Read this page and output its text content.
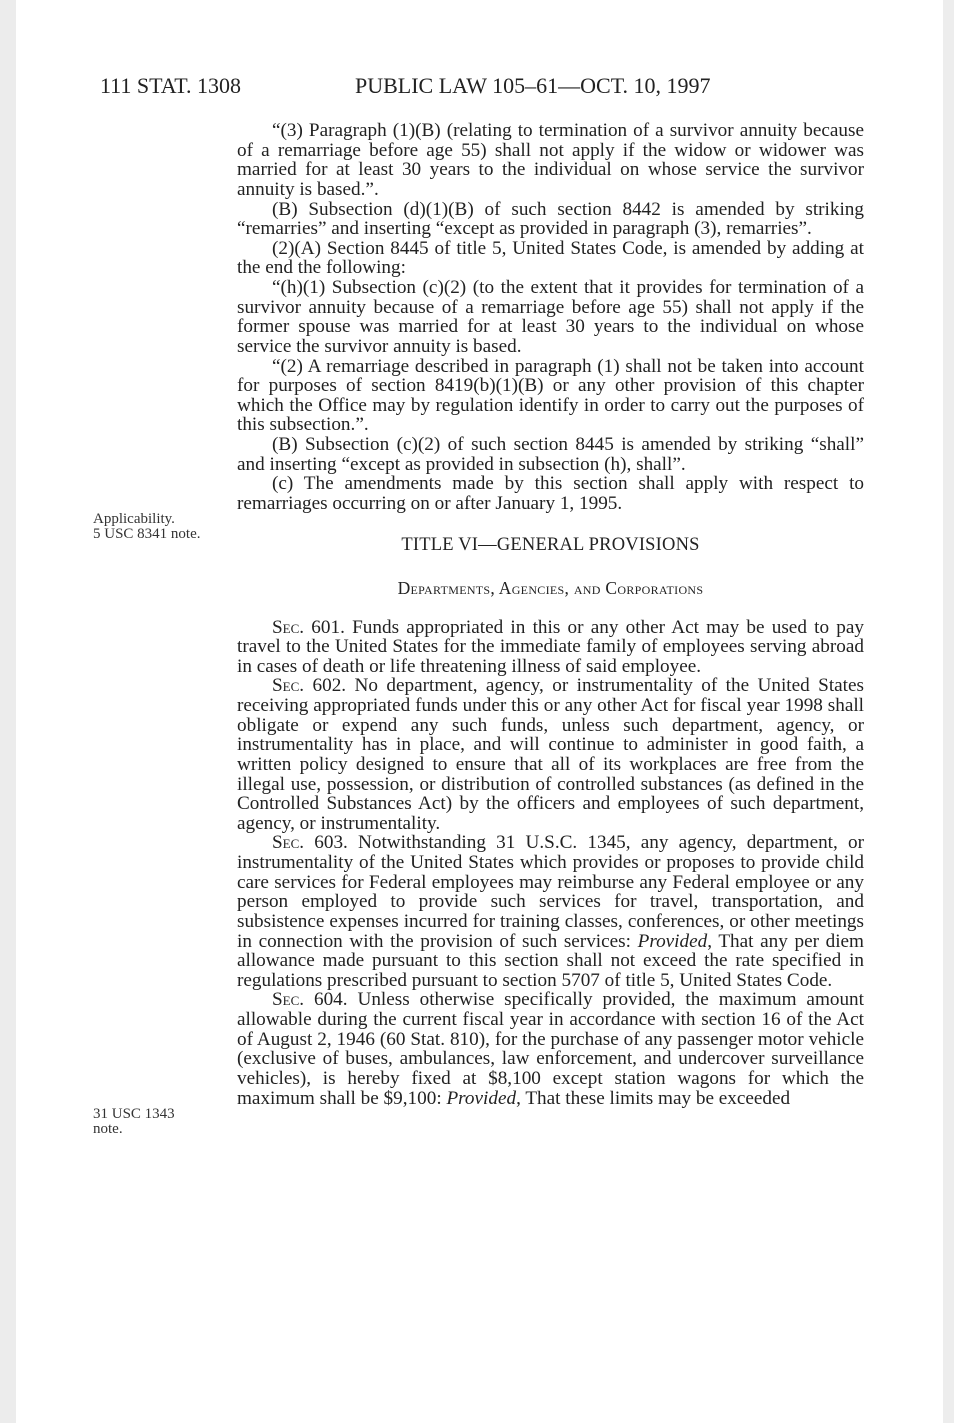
111 STAT. 1308	PUBLIC LAW 105–61—OCT. 10, 1997
Applicability.
5 USC 8341 note.
31 USC 1343
note.

“(3) Paragraph (1)(B) (relating to termination of a survivor annuity because of a remarriage before age 55) shall not apply if the widow or widower was married for at least 30 years to the individual on whose service the survivor annuity is based.”.

(B) Subsection (d)(1)(B) of such section 8442 is amended by striking “remarries” and inserting “except as provided in paragraph (3), remarries”.

(2)(A) Section 8445 of title 5, United States Code, is amended by adding at the end the following:

“(h)(1) Subsection (c)(2) (to the extent that it provides for termination of a survivor annuity because of a remarriage before age 55) shall not apply if the former spouse was married for at least 30 years to the individual on whose service the survivor annuity is based.

“(2) A remarriage described in paragraph (1) shall not be taken into account for purposes of section 8419(b)(1)(B) or any other provision of this chapter which the Office may by regulation identify in order to carry out the purposes of this subsection.”.

(B) Subsection (c)(2) of such section 8445 is amended by striking “shall” and inserting “except as provided in subsection (h), shall”.

(c) The amendments made by this section shall apply with respect to remarriages occurring on or after January 1, 1995.

TITLE VI—GENERAL PROVISIONS
Departments, Agencies, and Corporations

Sec. 601. Funds appropriated in this or any other Act may be used to pay travel to the United States for the immediate family of employees serving abroad in cases of death or life threatening illness of said employee.

Sec. 602. No department, agency, or instrumentality of the United States receiving appropriated funds under this or any other Act for fiscal year 1998 shall obligate or expend any such funds, unless such department, agency, or instrumentality has in place, and will continue to administer in good faith, a written policy designed to ensure that all of its workplaces are free from the illegal use, possession, or distribution of controlled substances (as defined in the Controlled Substances Act) by the officers and employees of such department, agency, or instrumentality.

Sec. 603. Notwithstanding 31 U.S.C. 1345, any agency, department, or instrumentality of the United States which provides or proposes to provide child care services for Federal employees may reimburse any Federal employee or any person employed to provide such services for travel, transportation, and subsistence expenses incurred for training classes, conferences, or other meetings in connection with the provision of such services: Provided, That any per diem allowance made pursuant to this section shall not exceed the rate specified in regulations prescribed pursuant to section 5707 of title 5, United States Code.

Sec. 604. Unless otherwise specifically provided, the maximum amount allowable during the current fiscal year in accordance with section 16 of the Act of August 2, 1946 (60 Stat. 810), for the purchase of any passenger motor vehicle (exclusive of buses, ambulances, law enforcement, and undercover surveillance vehicles), is hereby fixed at $8,100 except station wagons for which the maximum shall be $9,100: Provided, That these limits may be exceeded
